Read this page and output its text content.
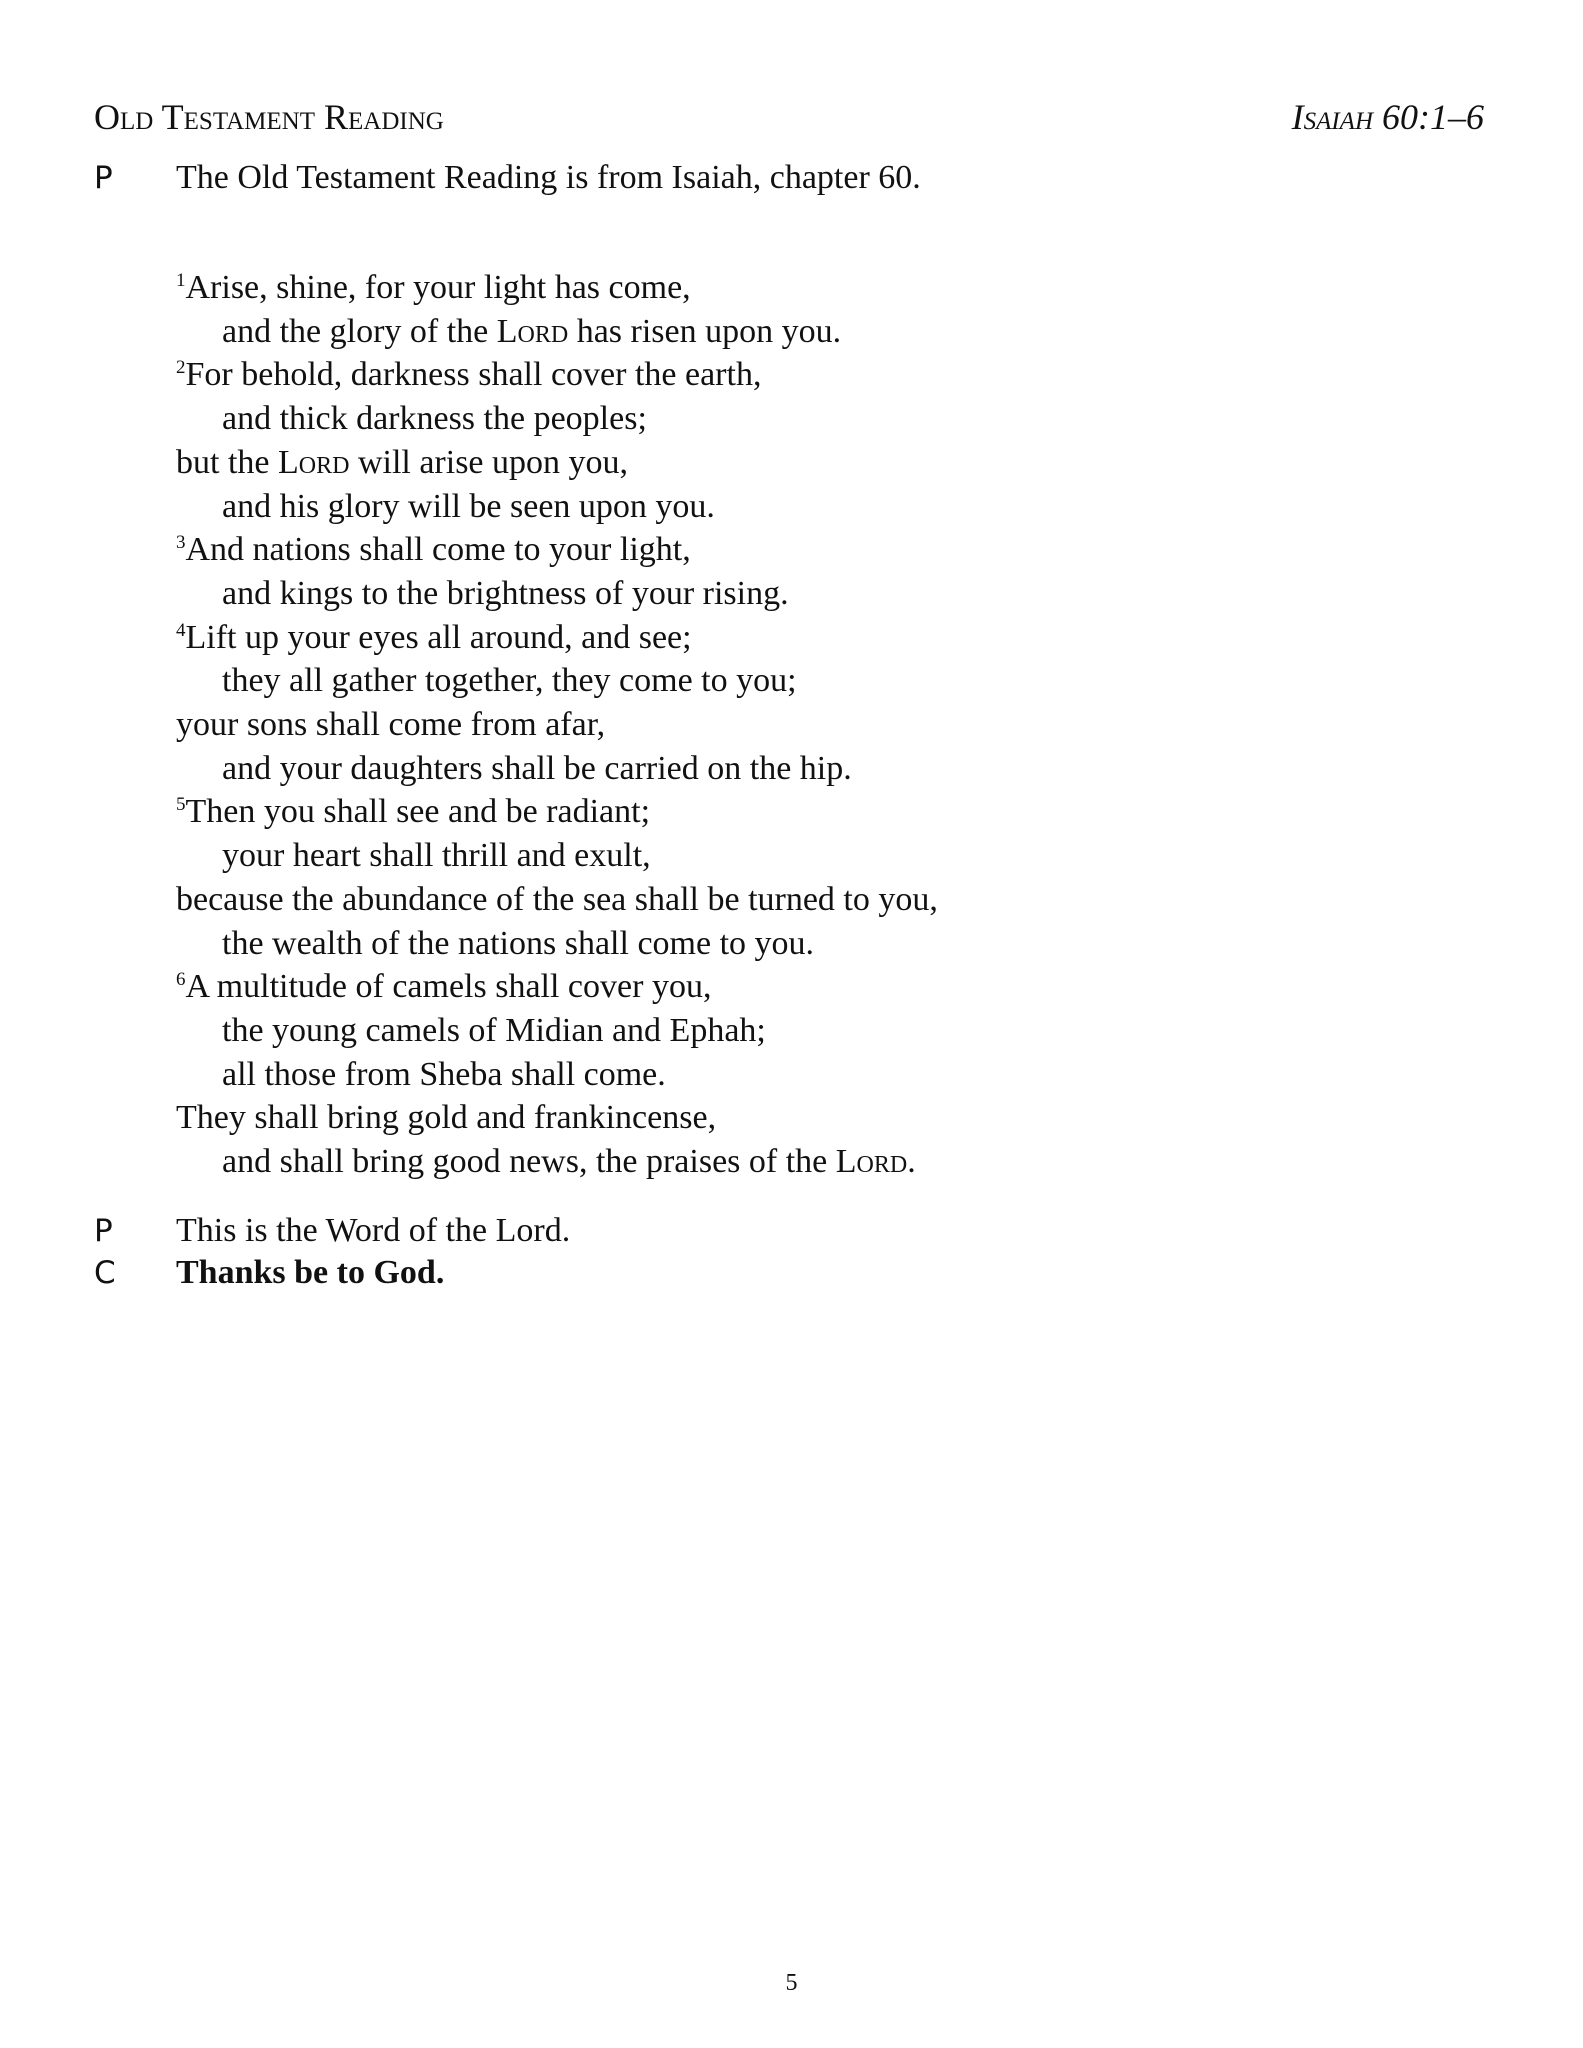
Old Testament Reading	Isaiah 60:1–6
P	The Old Testament Reading is from Isaiah, chapter 60.
$^1$Arise, shine, for your light has come,
and the glory of the Lord has risen upon you.
$^2$For behold, darkness shall cover the earth,
and thick darkness the peoples;
but the Lord will arise upon you,
and his glory will be seen upon you.
$^3$And nations shall come to your light,
and kings to the brightness of your rising.
$^4$Lift up your eyes all around, and see;
they all gather together, they come to you;
your sons shall come from afar,
and your daughters shall be carried on the hip.
$^5$Then you shall see and be radiant;
your heart shall thrill and exult,
because the abundance of the sea shall be turned to you,
the wealth of the nations shall come to you.
$^6$A multitude of camels shall cover you,
the young camels of Midian and Ephah;
all those from Sheba shall come.
They shall bring gold and frankincense,
and shall bring good news, the praises of the Lord.
P	This is the Word of the Lord.
C	Thanks be to God.
5
